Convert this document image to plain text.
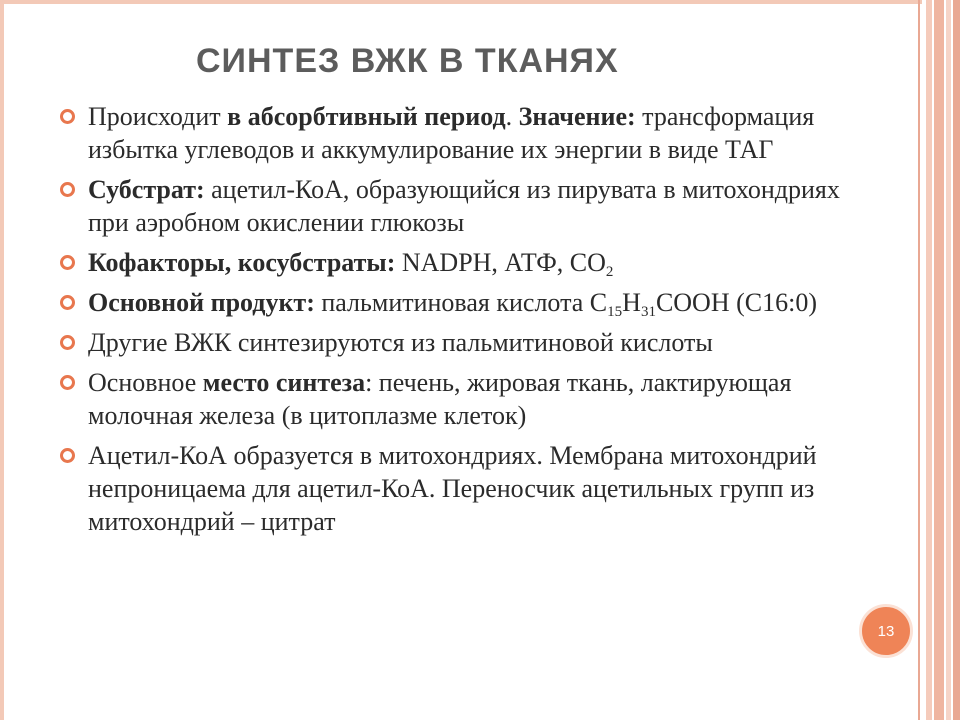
СИНТЕЗ ВЖК В ТКАНЯХ
Происходит в абсорбтивный период. Значение: трансформация избытка углеводов и аккумулирование их энергии в виде ТАГ
Субстрат: ацетил-КоА, образующийся из пирувата в митохондриях при аэробном окислении глюкозы
Кофакторы, косубстраты: NADPH, АТФ, $CO_2$
Основной продукт: пальмитиновая кислота $C_{15}H_{31}COOH$ (C16:0)
Другие ВЖК синтезируются из пальмитиновой кислоты
Основное место синтеза: печень, жировая ткань, лактирующая молочная железа (в цитоплазме клеток)
Ацетил-КоА образуется в митохондриях. Мембрана митохондрий непроницаема для ацетил-КоА. Переносчик ацетильных групп из митохондрий – цитрат
13
